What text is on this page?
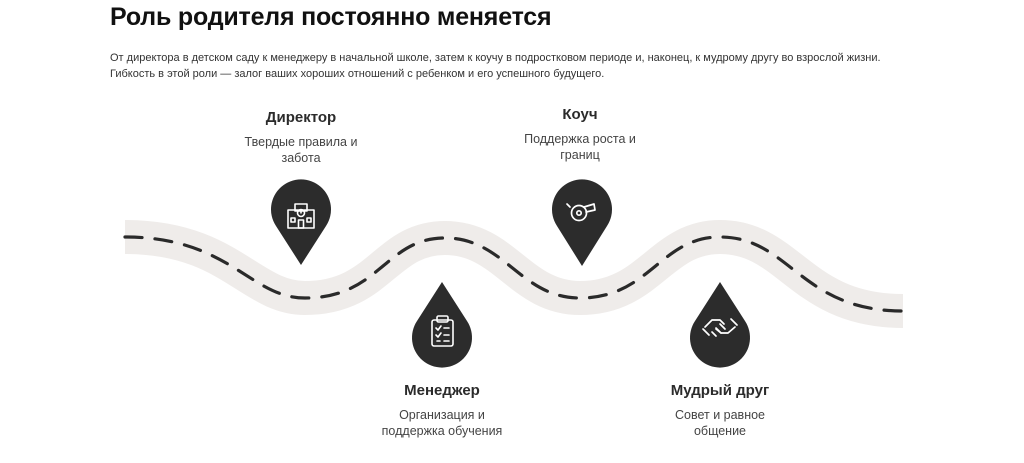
Роль родителя постоянно меняется
От директора в детском саду к менеджеру в начальной школе, затем к коучу в подростковом периоде и, наконец, к мудрому другу во взрослой жизни.
Гибкость в этой роли — залог ваших хороших отношений с ребенком и его успешного будущего.

Директор

Твердые правила и
забота

Коуч

Поддержка роста и
границ

Менеджер

Организация и
поддержка обучения

Мудрый друг

Совет и равное
общение
